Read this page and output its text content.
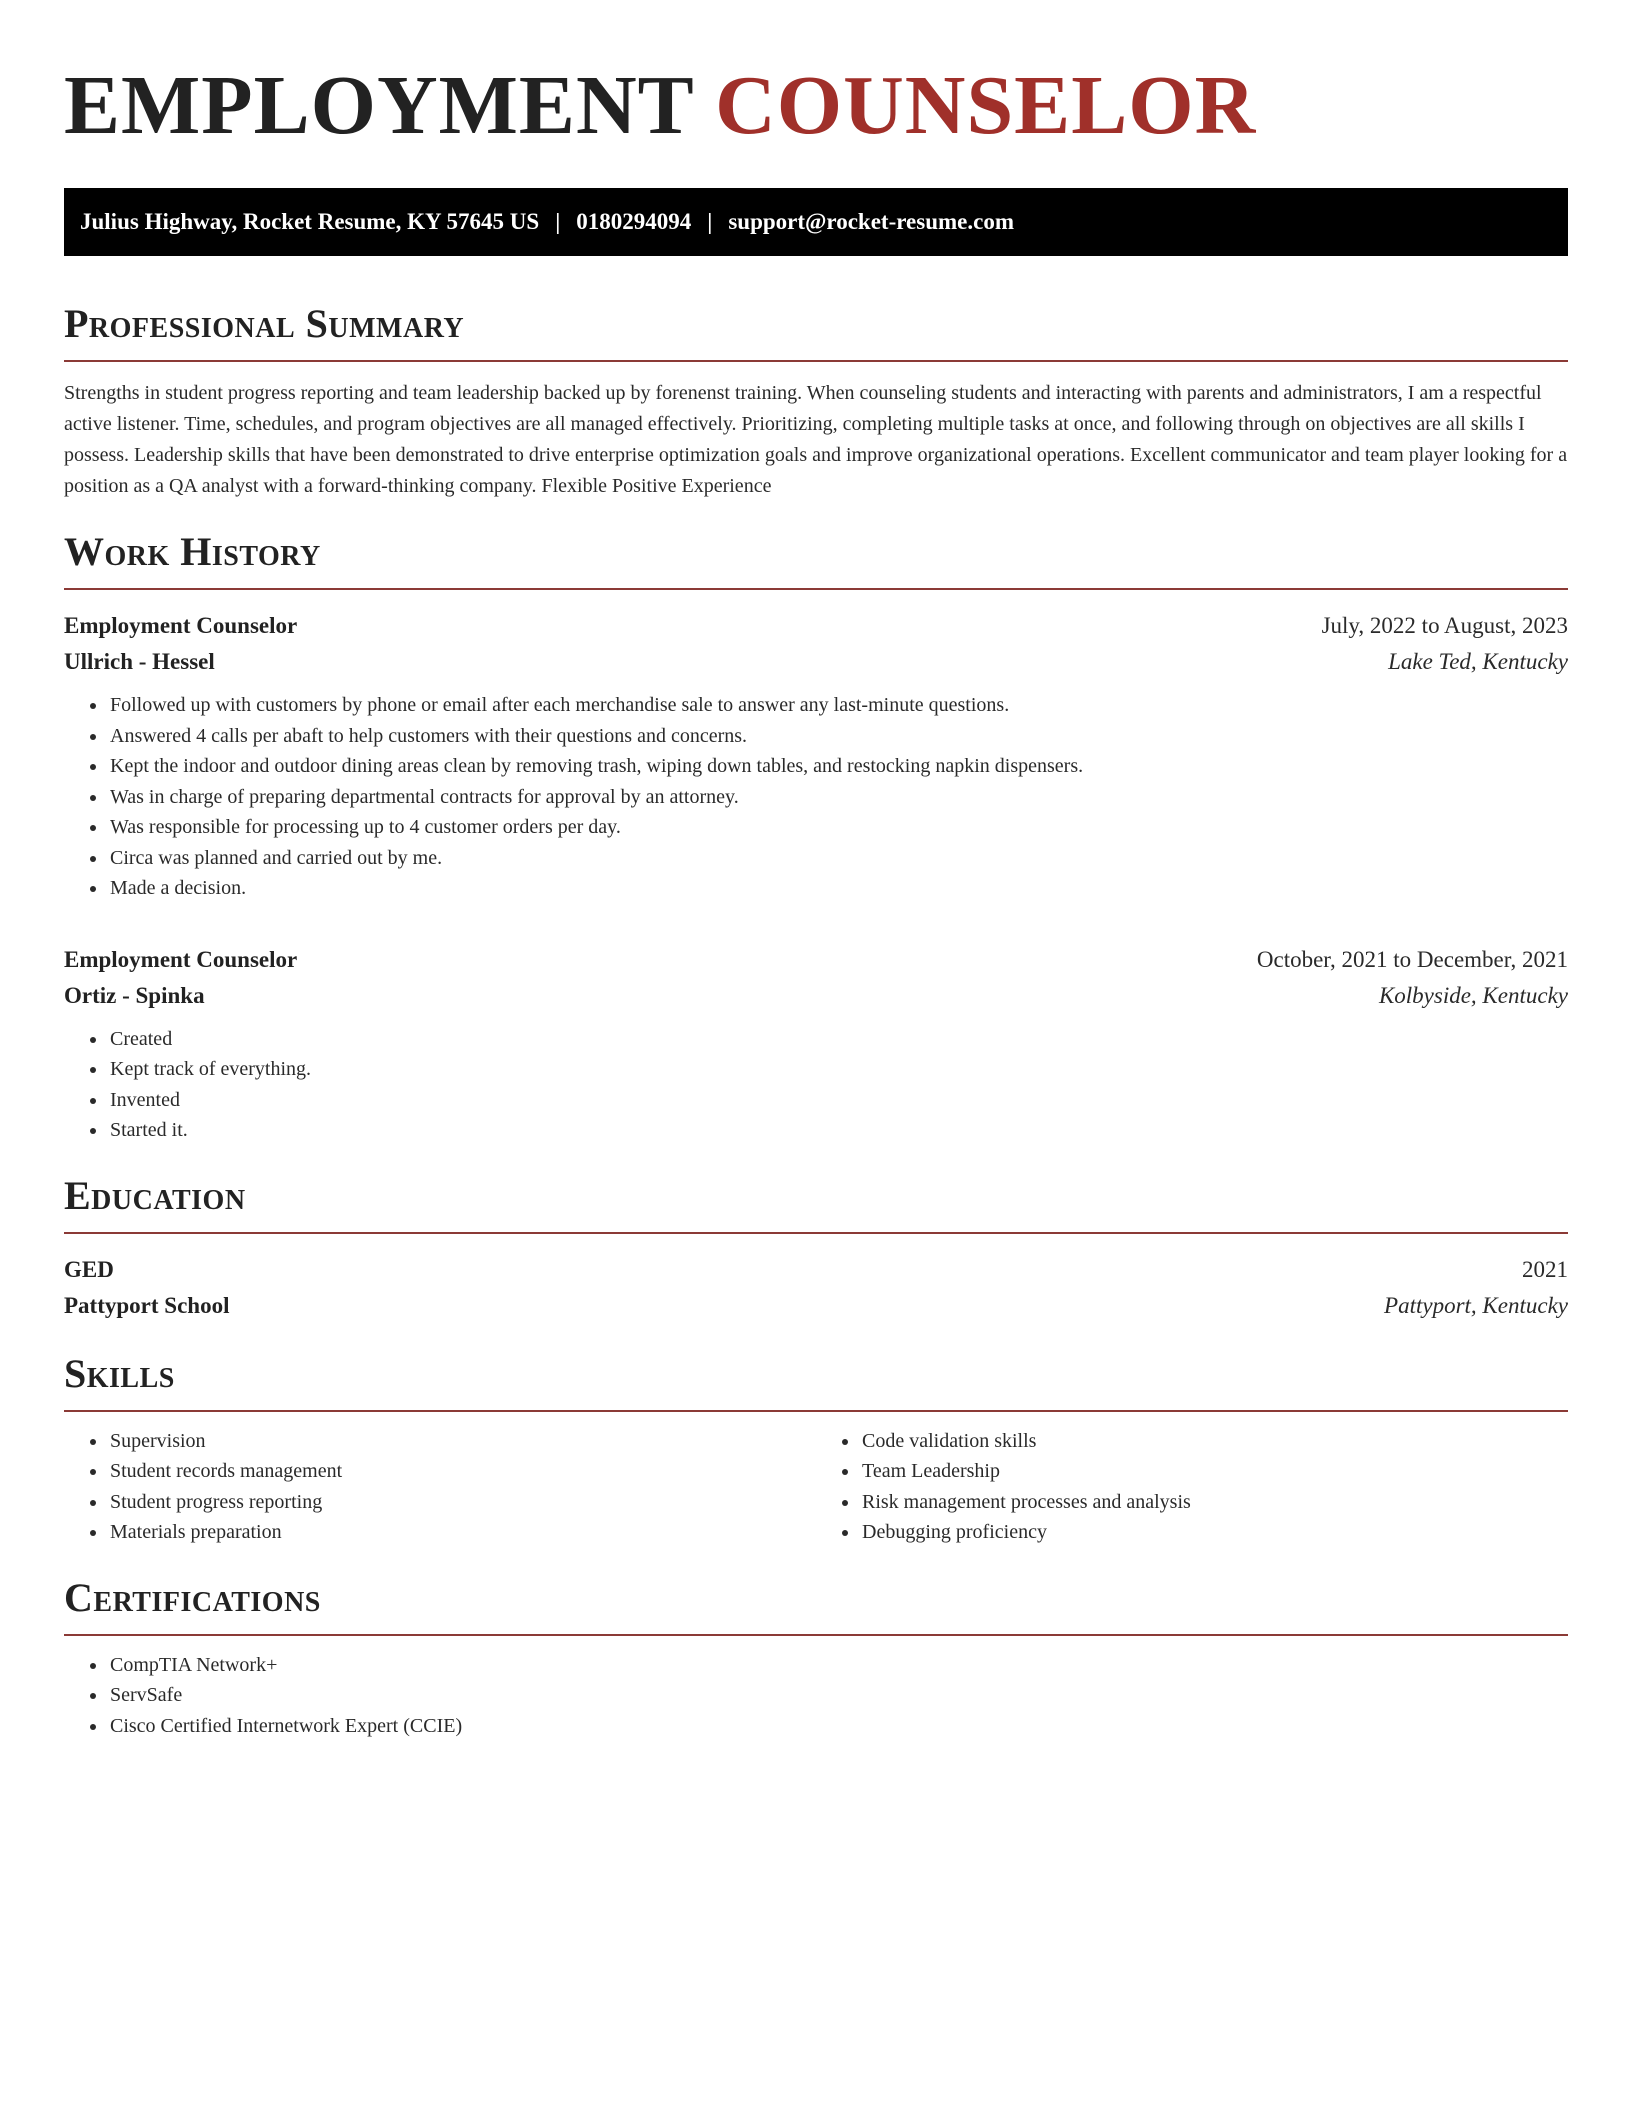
EMPLOYMENT COUNSELOR
Julius Highway, Rocket Resume, KY 57645 US | 0180294094 | support@rocket-resume.com
Professional Summary

Strengths in student progress reporting and team leadership backed up by forenenst training. When counseling students and interacting with parents and administrators, I am a respectful active listener. Time, schedules, and program objectives are all managed effectively. Prioritizing, completing multiple tasks at once, and following through on objectives are all skills I possess. Leadership skills that have been demonstrated to drive enterprise optimization goals and improve organizational operations. Excellent communicator and team player looking for a position as a QA analyst with a forward-thinking company. Flexible Positive Experience

Work History
Employment Counselor	July, 2022 to August, 2023
Ullrich - Hessel	Lake Ted, Kentucky
• Followed up with customers by phone or email after each merchandise sale to answer any last-minute questions.
• Answered 4 calls per abaft to help customers with their questions and concerns.
• Kept the indoor and outdoor dining areas clean by removing trash, wiping down tables, and restocking napkin dispensers.
• Was in charge of preparing departmental contracts for approval by an attorney.
• Was responsible for processing up to 4 customer orders per day.
• Circa was planned and carried out by me.
• Made a decision.
Employment Counselor	October, 2021 to December, 2021
Ortiz - Spinka	Kolbyside, Kentucky
• Created
• Kept track of everything.
• Invented
• Started it.
Education
GED	2021
Pattyport School	Pattyport, Kentucky
Skills
• Supervision
• Student records management
• Student progress reporting
• Materials preparation
• Code validation skills
• Team Leadership
• Risk management processes and analysis
• Debugging proficiency
Certifications
• CompTIA Network+
• ServSafe
• Cisco Certified Internetwork Expert (CCIE)
